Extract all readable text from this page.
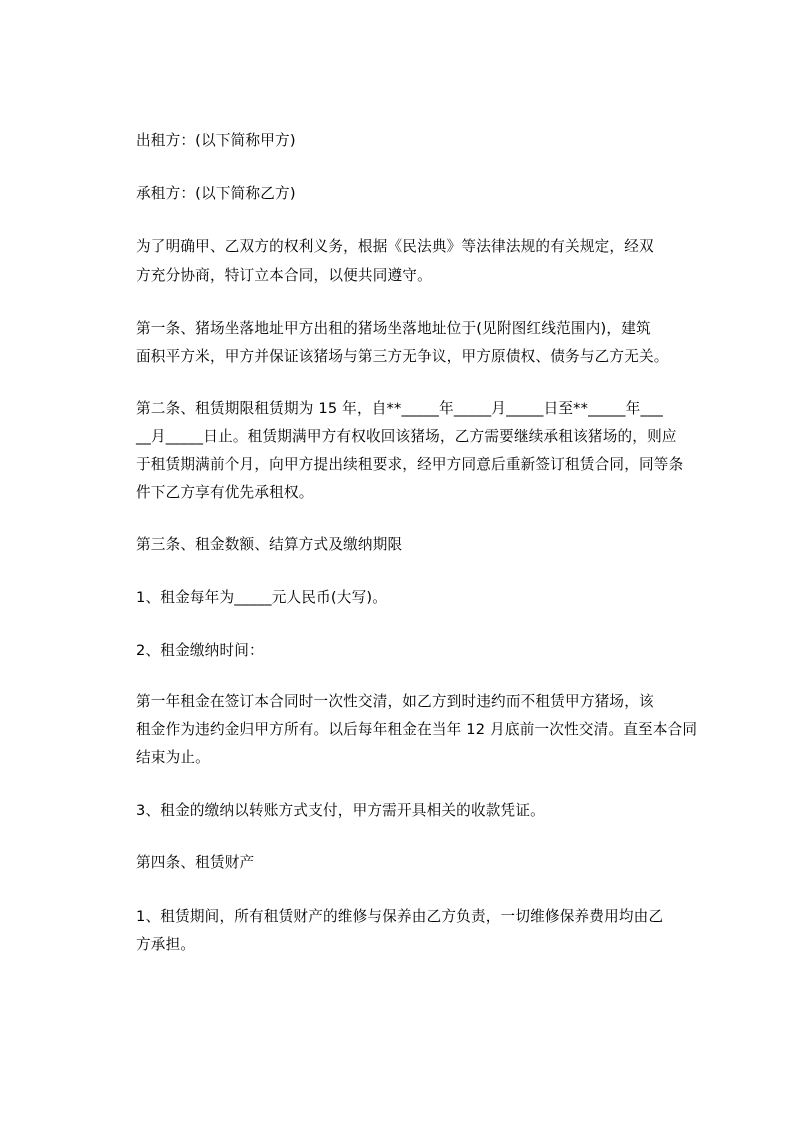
出租方：(以下简称甲方)
承租方：(以下简称乙方)
为了明确甲、乙双方的权利义务，根据《民法典》等法律法规的有关规定，经双
方充分协商，特订立本合同，以便共同遵守。
第一条、猪场坐落地址甲方出租的猪场坐落地址位于(见附图红线范围内)，建筑
面积平方米，甲方并保证该猪场与第三方无争议，甲方原债权、债务与乙方无关。
第二条、租赁期限租赁期为 15 年，自**_____年_____月_____日至**_____年___
__月_____日止。租赁期满甲方有权收回该猪场，乙方需要继续承租该猪场的，则应
于租赁期满前个月，向甲方提出续租要求，经甲方同意后重新签订租赁合同，同等条
件下乙方享有优先承租权。
第三条、租金数额、结算方式及缴纳期限
1、租金每年为_____元人民币(大写)。
2、租金缴纳时间：
第一年租金在签订本合同时一次性交清，如乙方到时违约而不租赁甲方猪场，该
租金作为违约金归甲方所有。以后每年租金在当年 12 月底前一次性交清。直至本合同
结束为止。
3、租金的缴纳以转账方式支付，甲方需开具相关的收款凭证。
第四条、租赁财产
1、租赁期间，所有租赁财产的维修与保养由乙方负责，一切维修保养费用均由乙
方承担。
